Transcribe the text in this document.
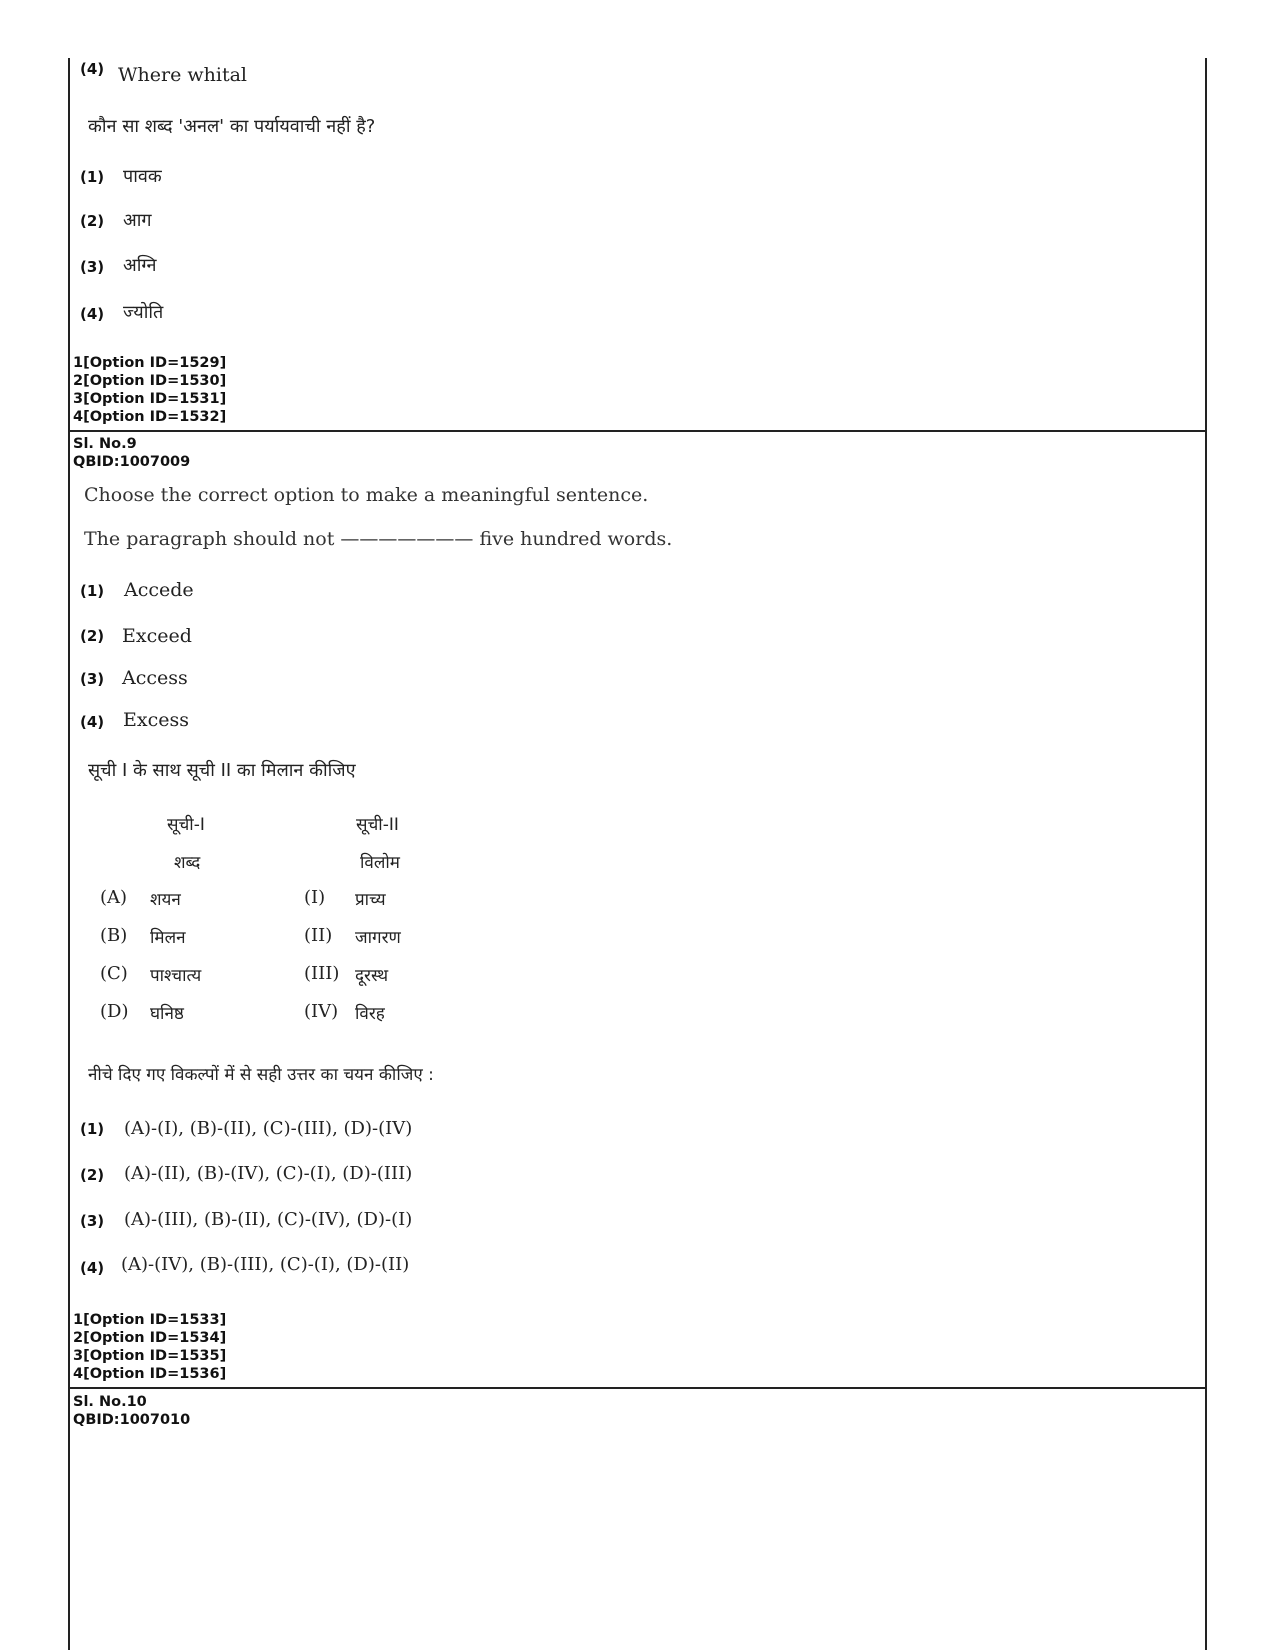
(4) Where whital
कौन सा शब्द 'अनल' का पर्यायवाची नहीं है?
(1) पावक
(2) आग
(3) अग्नि
(4) ज्योति
1[Option ID=1529]
2[Option ID=1530]
3[Option ID=1531]
4[Option ID=1532]
Sl. No.9
QBID:1007009
Choose the correct option to make a meaningful sentence.
The paragraph should not ——————— five hundred words.
(1) Accede
(2) Exceed
(3) Access
(4) Excess
सूची I के साथ सूची II का मिलान कीजिए
सूची-I	सूची-II
शब्द	विलोम
(A) शयन	(I) प्राच्य
(B) मिलन	(II) जागरण
(C) पाश्चात्य	(III) दूरस्थ
(D) घनिष्ठ	(IV) विरह
नीचे दिए गए विकल्पों में से सही उत्तर का चयन कीजिए :
(1) (A)-(I), (B)-(II), (C)-(III), (D)-(IV)
(2) (A)-(II), (B)-(IV), (C)-(I), (D)-(III)
(3) (A)-(III), (B)-(II), (C)-(IV), (D)-(I)
(4) (A)-(IV), (B)-(III), (C)-(I), (D)-(II)
1[Option ID=1533]
2[Option ID=1534]
3[Option ID=1535]
4[Option ID=1536]
Sl. No.10
QBID:1007010
